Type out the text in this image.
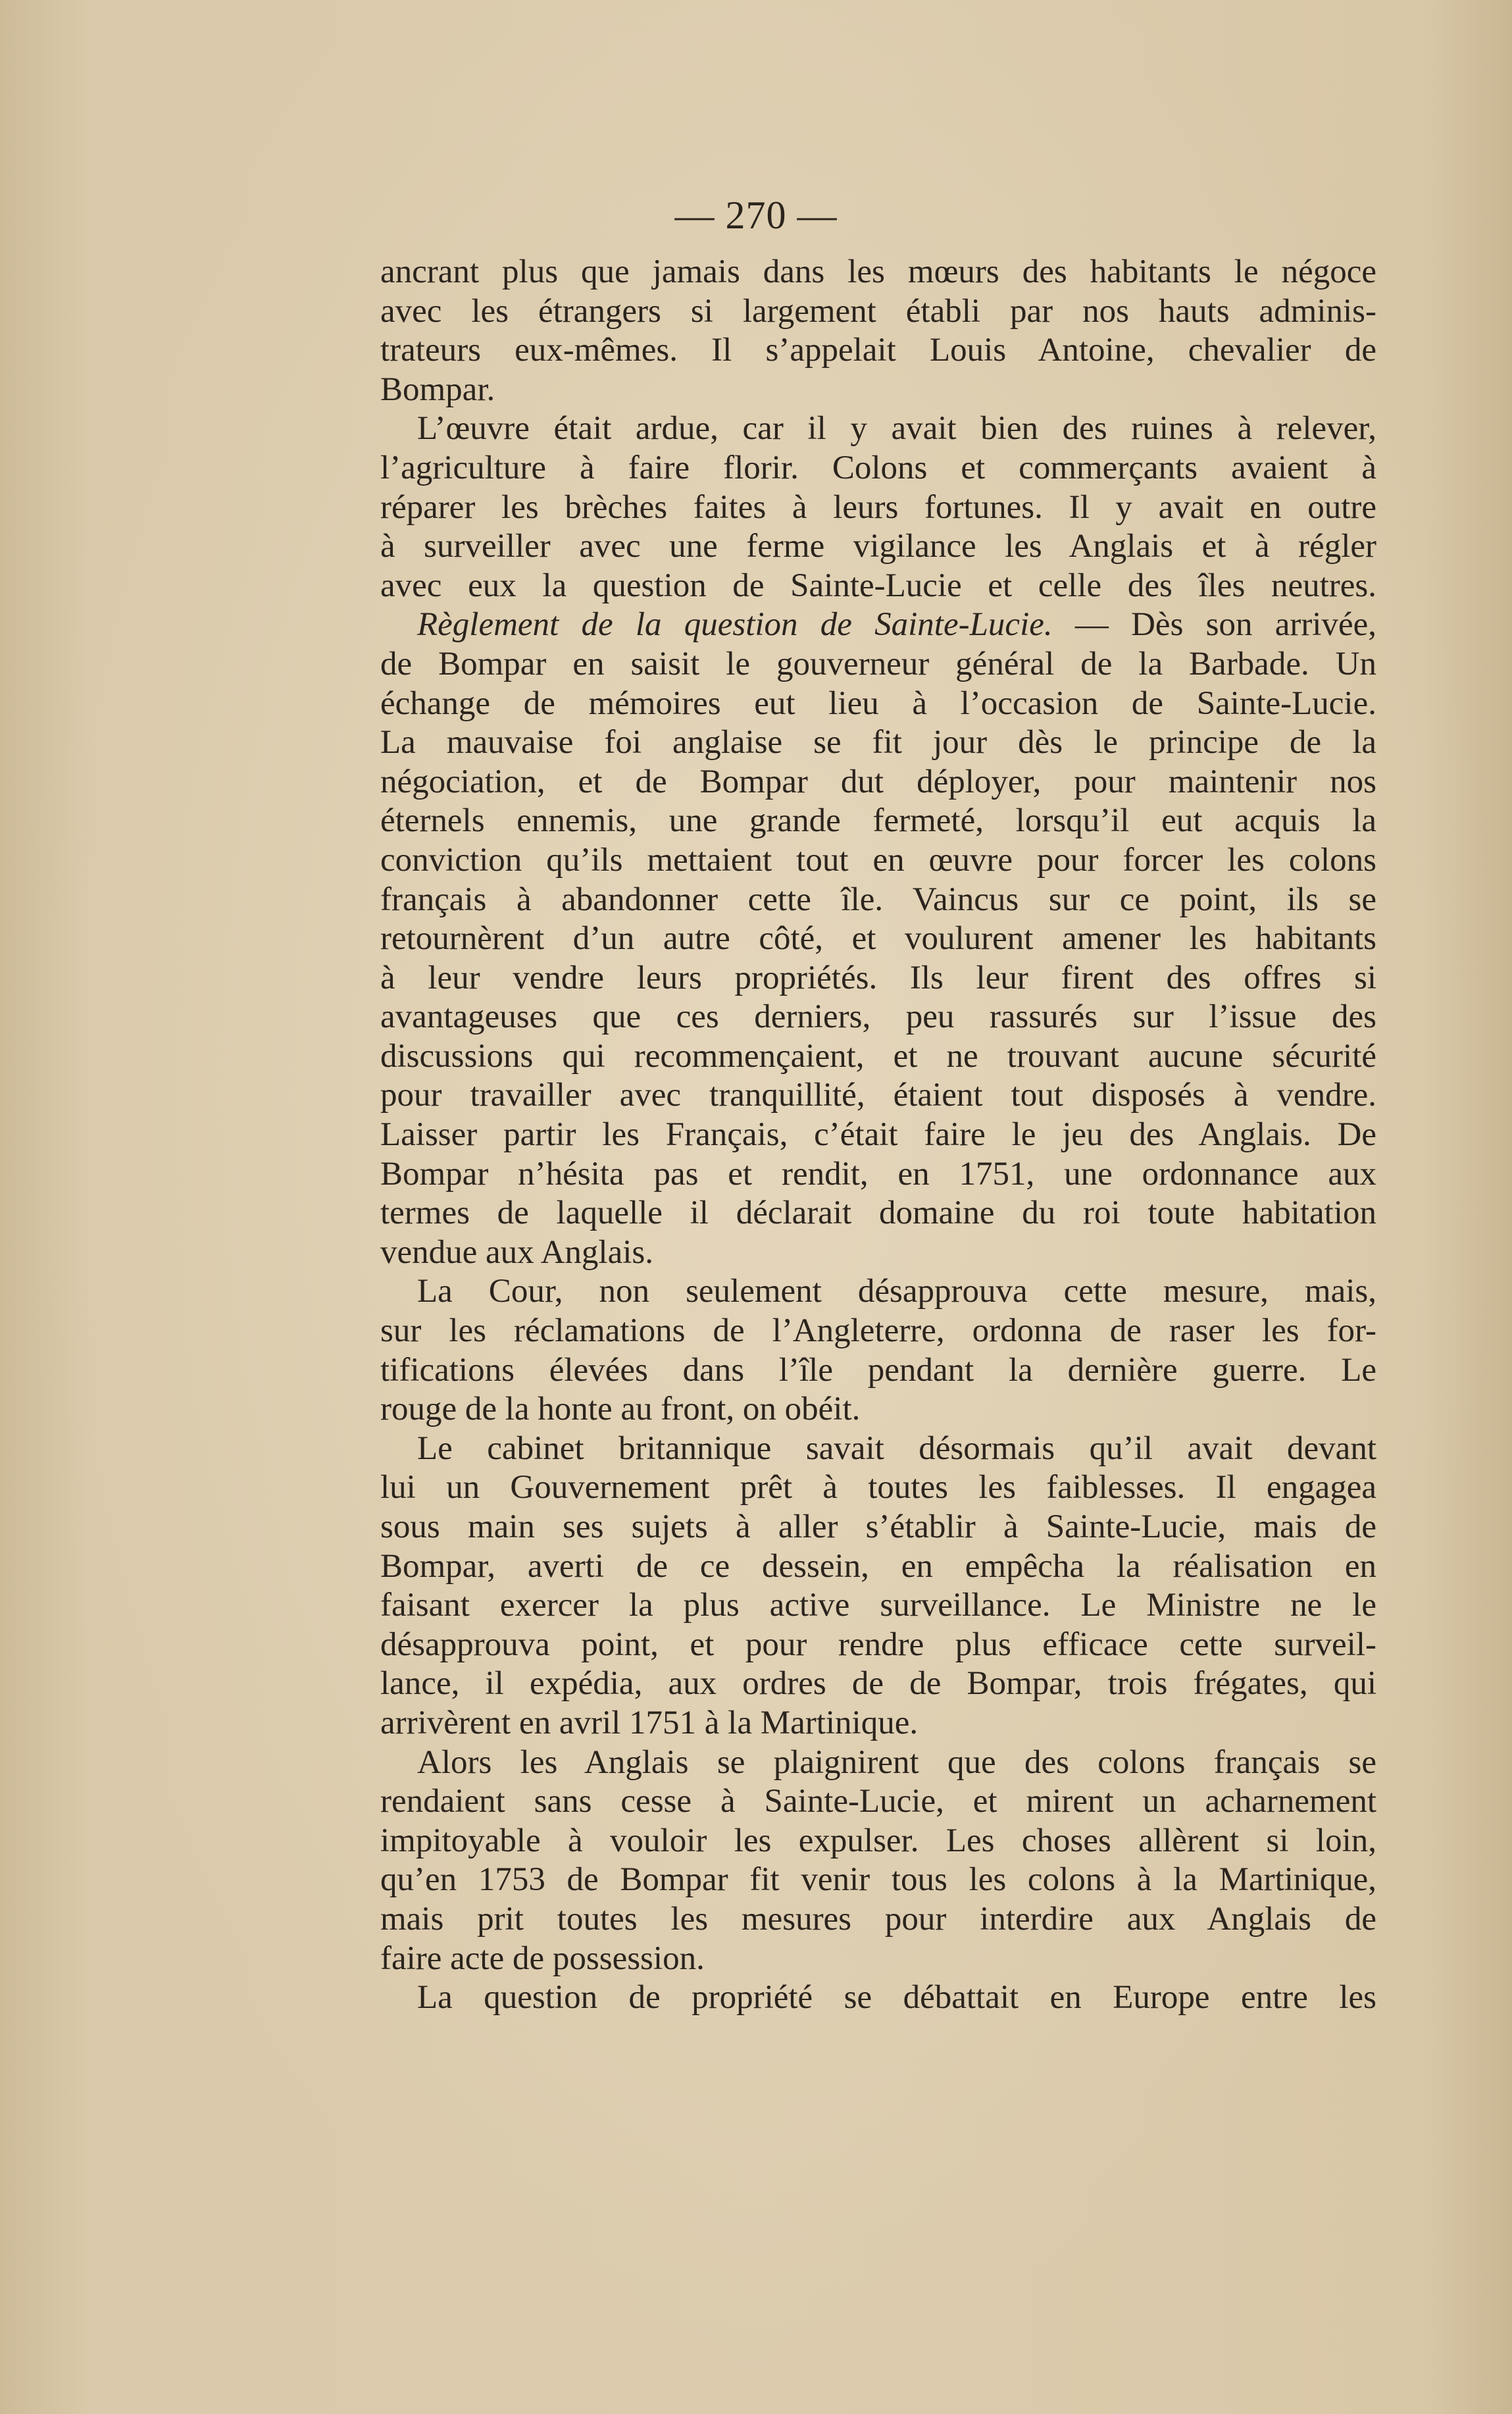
— 270 —
ancrant plus que jamais dans les mœurs des habitants le négoce
avec les étrangers si largement établi par nos hauts adminis-
trateurs eux-mêmes. Il s’appelait Louis Antoine, chevalier de
Bompar.
L’œuvre était ardue, car il y avait bien des ruines à relever,
l’agriculture à faire florir. Colons et commerçants avaient à
réparer les brèches faites à leurs fortunes. Il y avait en outre
à surveiller avec une ferme vigilance les Anglais et à régler
avec eux la question de Sainte-Lucie et celle des îles neutres.
Règlement de la question de Sainte-Lucie. — Dès son arrivée,
de Bompar en saisit le gouverneur général de la Barbade. Un
échange de mémoires eut lieu à l’occasion de Sainte-Lucie.
La mauvaise foi anglaise se fit jour dès le principe de la
négociation, et de Bompar dut déployer, pour maintenir nos
éternels ennemis, une grande fermeté, lorsqu’il eut acquis la
conviction qu’ils mettaient tout en œuvre pour forcer les colons
français à abandonner cette île. Vaincus sur ce point, ils se
retournèrent d’un autre côté, et voulurent amener les habitants
à leur vendre leurs propriétés. Ils leur firent des offres si
avantageuses que ces derniers, peu rassurés sur l’issue des
discussions qui recommençaient, et ne trouvant aucune sécurité
pour travailler avec tranquillité, étaient tout disposés à vendre.
Laisser partir les Français, c’était faire le jeu des Anglais. De
Bompar n’hésita pas et rendit, en 1751, une ordonnance aux
termes de laquelle il déclarait domaine du roi toute habitation
vendue aux Anglais.
La Cour, non seulement désapprouva cette mesure, mais,
sur les réclamations de l’Angleterre, ordonna de raser les for-
tifications élevées dans l’île pendant la dernière guerre. Le
rouge de la honte au front, on obéit.
Le cabinet britannique savait désormais qu’il avait devant
lui un Gouvernement prêt à toutes les faiblesses. Il engagea
sous main ses sujets à aller s’établir à Sainte-Lucie, mais de
Bompar, averti de ce dessein, en empêcha la réalisation en
faisant exercer la plus active surveillance. Le Ministre ne le
désapprouva point, et pour rendre plus efficace cette surveil-
lance, il expédia, aux ordres de de Bompar, trois frégates, qui
arrivèrent en avril 1751 à la Martinique.
Alors les Anglais se plaignirent que des colons français se
rendaient sans cesse à Sainte-Lucie, et mirent un acharnement
impitoyable à vouloir les expulser. Les choses allèrent si loin,
qu’en 1753 de Bompar fit venir tous les colons à la Martinique,
mais prit toutes les mesures pour interdire aux Anglais de
faire acte de possession.
La question de propriété se débattait en Europe entre les
